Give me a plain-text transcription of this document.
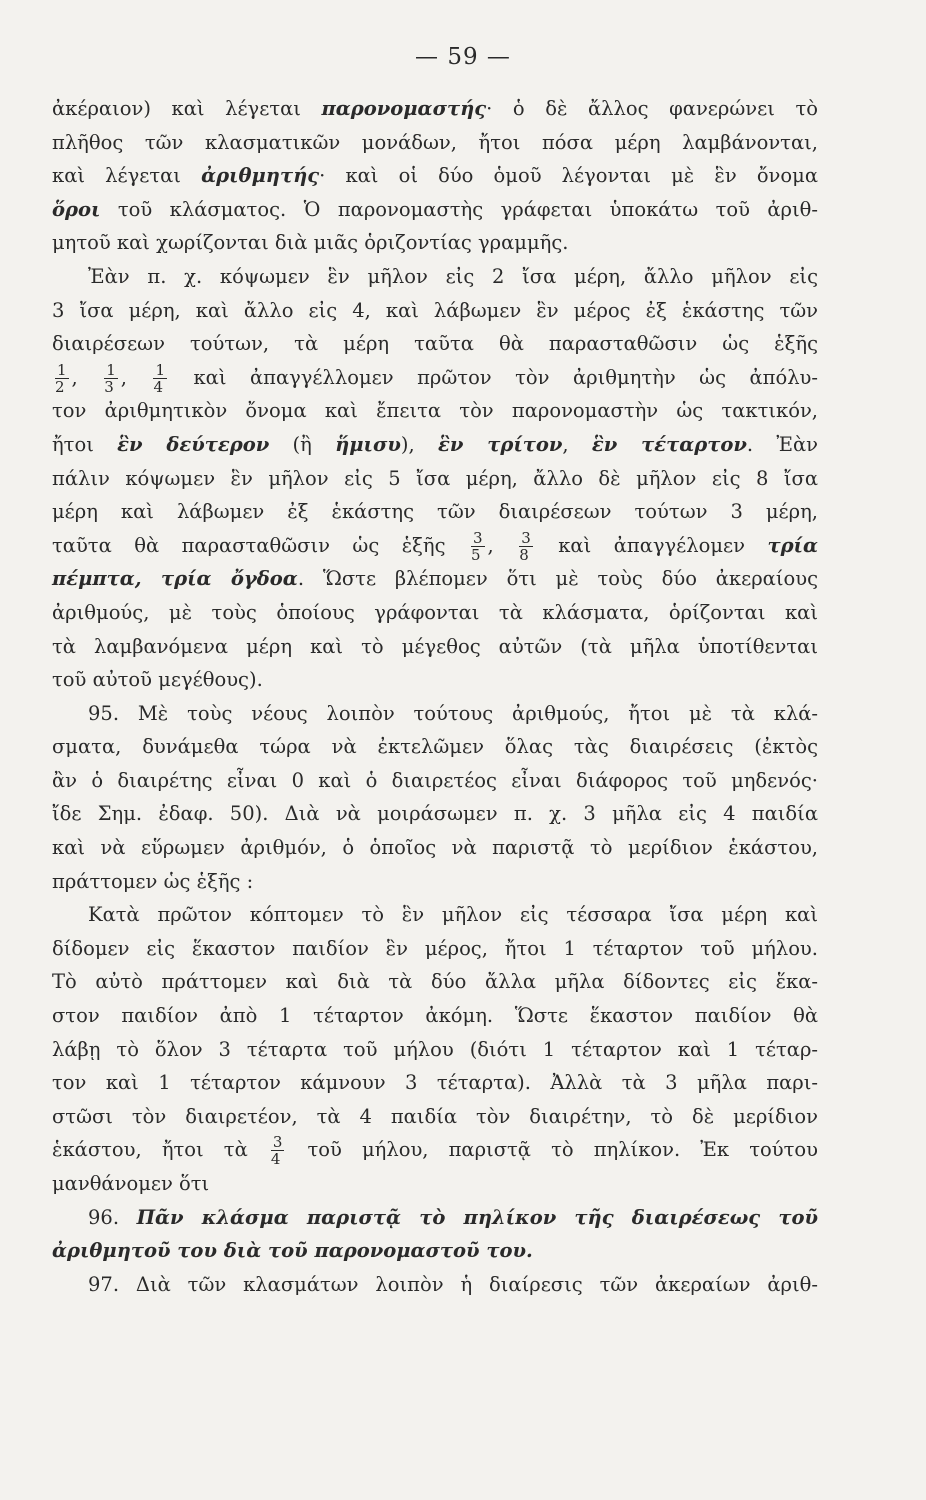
— 59 —
ἀκέραιον) καὶ λέγεται παρονομαστής· ὁ δὲ ἄλλος φανερώνει τὸ
πλῆθος τῶν κλασματικῶν μονάδων, ἤτοι πόσα μέρη λαμβάνονται,
καὶ λέγεται ἀριθμητής· καὶ οἱ δύο ὁμοῦ λέγονται μὲ ἓν ὄνομα
ὅροι τοῦ κλάσματος. Ὁ παρονομαστὴς γράφεται ὑποκάτω τοῦ ἀριθ-
μητοῦ καὶ χωρίζονται διὰ μιᾶς ὁριζοντίας γραμμῆς.
Ἐὰν π. χ. κόψωμεν ἓν μῆλον εἰς 2 ἴσα μέρη, ἄλλο μῆλον εἰς
3 ἴσα μέρη, καὶ ἄλλο εἰς 4, καὶ λάβωμεν ἓν μέρος ἐξ ἑκάστης τῶν
διαιρέσεων τούτων, τὰ μέρη ταῦτα θὰ παρασταθῶσιν ὡς ἑξῆς
$\frac{1}{2}$ , $\frac{1}{3}$ , $\frac{1}{4}$ καὶ ἀπαγγέλλομεν πρῶτον τὸν ἀριθμητὴν ὡς ἀπόλυ-
τον ἀριθμητικὸν ὄνομα καὶ ἔπειτα τὸν παρονομαστὴν ὡς τακτικόν,
ἤτοι ἓν δεύτερον (ἢ ἥμισυ), ἓν τρίτον, ἓν τέταρτον. Ἐὰν
πάλιν κόψωμεν ἓν μῆλον εἰς 5 ἴσα μέρη, ἄλλο δὲ μῆλον εἰς 8 ἴσα
μέρη καὶ λάβωμεν ἐξ ἑκάστης τῶν διαιρέσεων τούτων 3 μέρη,
ταῦτα θὰ παρασταθῶσιν ὡς ἑξῆς $\frac{3}{5}$ , $\frac{3}{8}$ καὶ ἀπαγγέλομεν τρία
πέμπτα, τρία ὄγδοα. Ὥστε βλέπομεν ὅτι μὲ τοὺς δύο ἀκεραίους
ἀριθμούς, μὲ τοὺς ὁποίους γράφονται τὰ κλάσματα, ὁρίζονται καὶ
τὰ λαμβανόμενα μέρη καὶ τὸ μέγεθος αὐτῶν (τὰ μῆλα ὑποτίθενται
τοῦ αὐτοῦ μεγέθους).
95. Μὲ τοὺς νέους λοιπὸν τούτους ἀριθμούς, ἤτοι μὲ τὰ κλά-
σματα, δυνάμεθα τώρα νὰ ἐκτελῶμεν ὅλας τὰς διαιρέσεις (ἐκτὸς
ἂν ὁ διαιρέτης εἶναι 0 καὶ ὁ διαιρετέος εἶναι διάφορος τοῦ μηδενός·
ἴδε Σημ. ἐδαφ. 50). Διὰ νὰ μοιράσωμεν π. χ. 3 μῆλα εἰς 4 παιδία
καὶ νὰ εὕρωμεν ἀριθμόν, ὁ ὁποῖος νὰ παριστᾷ τὸ μερίδιον ἑκάστου,
πράττομεν ὡς ἑξῆς :
Κατὰ πρῶτον κόπτομεν τὸ ἓν μῆλον εἰς τέσσαρα ἴσα μέρη καὶ
δίδομεν εἰς ἕκαστον παιδίον ἓν μέρος, ἤτοι 1 τέταρτον τοῦ μήλου.
Τὸ αὐτὸ πράττομεν καὶ διὰ τὰ δύο ἄλλα μῆλα δίδοντες εἰς ἕκα-
στον παιδίον ἀπὸ 1 τέταρτον ἀκόμη. Ὥστε ἕκαστον παιδίον θὰ
λάβῃ τὸ ὅλον 3 τέταρτα τοῦ μήλου (διότι 1 τέταρτον καὶ 1 τέταρ-
τον καὶ 1 τέταρτον κάμνουν 3 τέταρτα). Ἀλλὰ τὰ 3 μῆλα παρι-
στῶσι τὸν διαιρετέον, τὰ 4 παιδία τὸν διαιρέτην, τὸ δὲ μερίδιον
ἑκάστου, ἤτοι τὰ $\frac{3}{4}$ τοῦ μήλου, παριστᾷ τὸ πηλίκον. Ἐκ τούτου
μανθάνομεν ὅτι
96. Πᾶν κλάσμα παριστᾷ τὸ πηλίκον τῆς διαιρέσεως τοῦ
ἀριθμητοῦ του διὰ τοῦ παρονομαστοῦ του.
97. Διὰ τῶν κλασμάτων λοιπὸν ἡ διαίρεσις τῶν ἀκεραίων ἀριθ-
